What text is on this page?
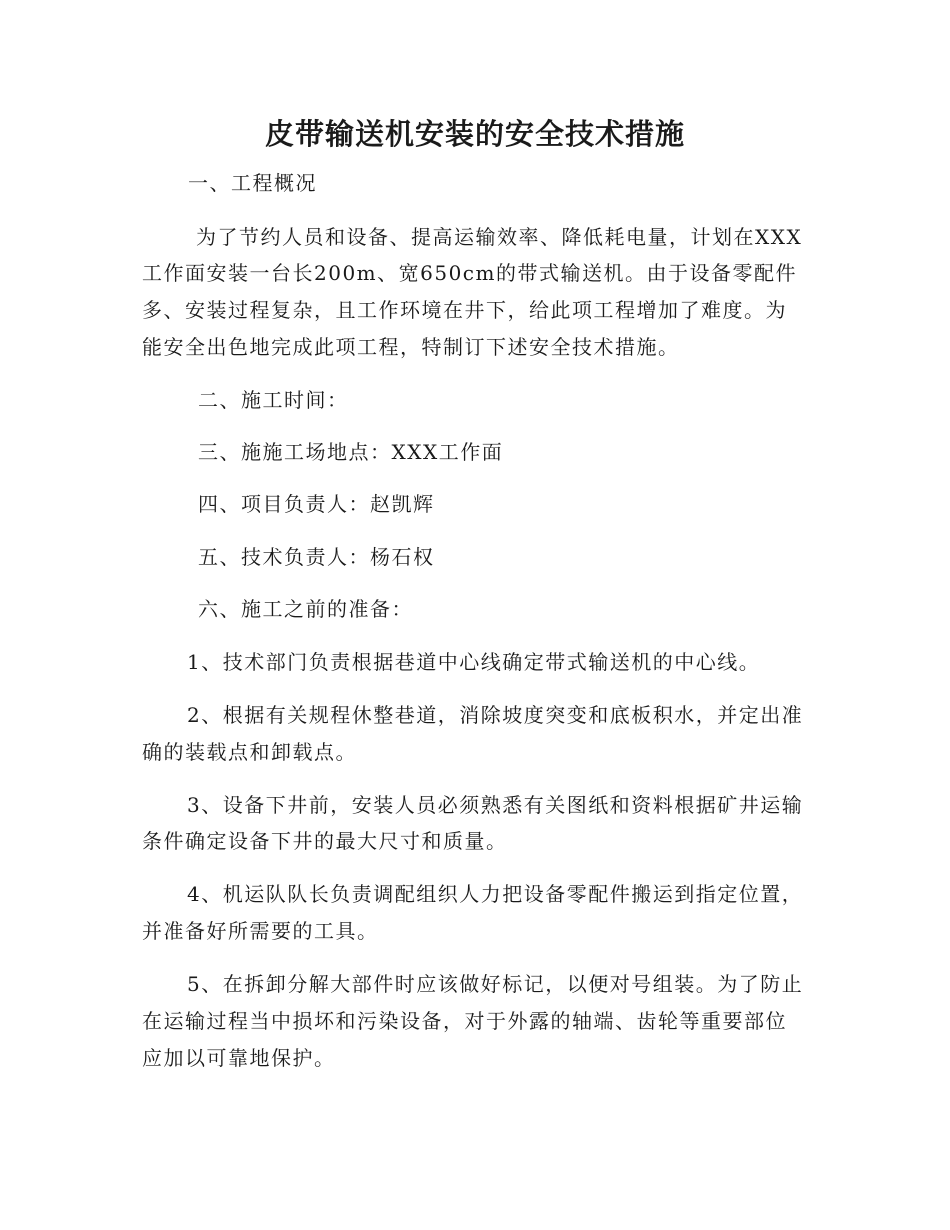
皮带输送机安装的安全技术措施

一、工程概况

为了节约人员和设备、提高运输效率、降低耗电量，计划在XXX

工作面安装一台长200m、宽650cm的带式输送机。由于设备零配件

多、安装过程复杂，且工作环境在井下，给此项工程增加了难度。为

能安全出色地完成此项工程，特制订下述安全技术措施。

二、施工时间：

三、施施工场地点：XXX工作面

四、项目负责人：赵凯辉

五、技术负责人：杨石权

六、施工之前的准备：

1、技术部门负责根据巷道中心线确定带式输送机的中心线。

2、根据有关规程休整巷道，消除坡度突变和底板积水，并定出准

确的装载点和卸载点。

3、设备下井前，安装人员必须熟悉有关图纸和资料根据矿井运输

条件确定设备下井的最大尺寸和质量。

4、机运队队长负责调配组织人力把设备零配件搬运到指定位置，

并准备好所需要的工具。

5、在拆卸分解大部件时应该做好标记，以便对号组装。为了防止

在运输过程当中损坏和污染设备，对于外露的轴端、齿轮等重要部位

应加以可靠地保护。
